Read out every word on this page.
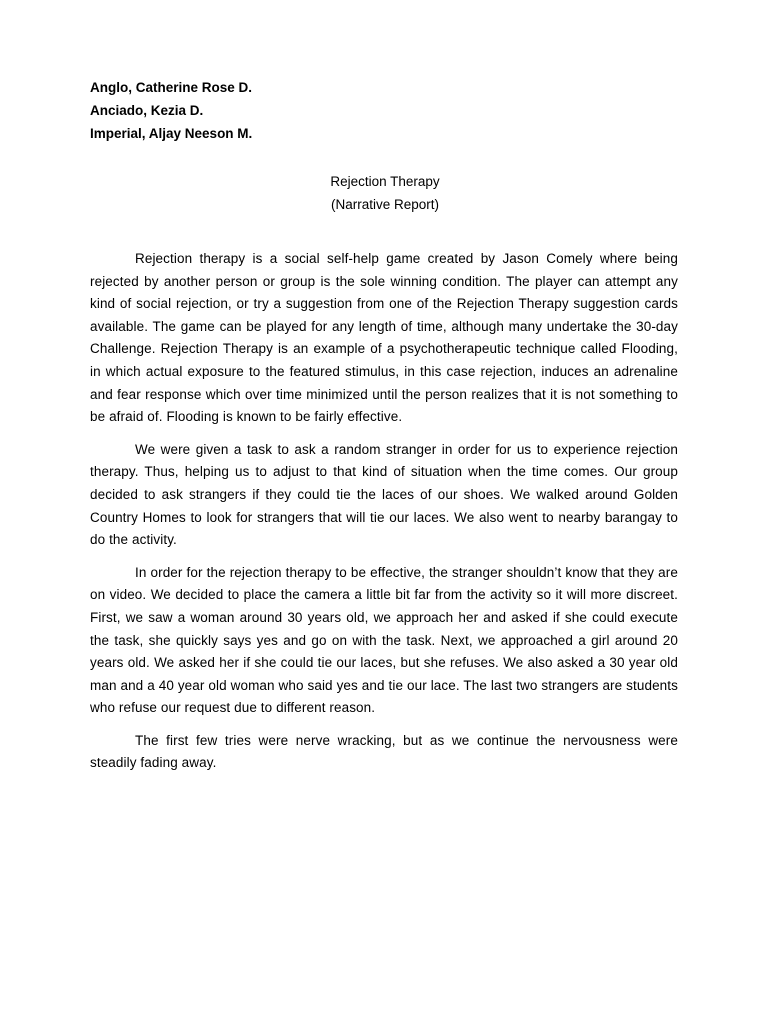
Anglo, Catherine Rose D.
Anciado, Kezia D.
Imperial, Aljay Neeson M.
Rejection Therapy
(Narrative Report)

Rejection therapy is a social self-help game created by Jason Comely where being rejected by another person or group is the sole winning condition. The player can attempt any kind of social rejection, or try a suggestion from one of the Rejection Therapy suggestion cards available. The game can be played for any length of time, although many undertake the 30-day Challenge. Rejection Therapy is an example of a psychotherapeutic technique called Flooding, in which actual exposure to the featured stimulus, in this case rejection, induces an adrenaline and fear response which over time minimized until the person realizes that it is not something to be afraid of. Flooding is known to be fairly effective.

We were given a task to ask a random stranger in order for us to experience rejection therapy. Thus, helping us to adjust to that kind of situation when the time comes. Our group decided to ask strangers if they could tie the laces of our shoes. We walked around Golden Country Homes to look for strangers that will tie our laces. We also went to nearby barangay to do the activity.

In order for the rejection therapy to be effective, the stranger shouldn’t know that they are on video. We decided to place the camera a little bit far from the activity so it will more discreet. First, we saw a woman around 30 years old, we approach her and asked if she could execute the task, she quickly says yes and go on with the task. Next, we approached a girl around 20 years old. We asked her if she could tie our laces, but she refuses. We also asked a 30 year old man and a 40 year old woman who said yes and tie our lace. The last two strangers are students who refuse our request due to different reason.

The first few tries were nerve wracking, but as we continue the nervousness were steadily fading away.
